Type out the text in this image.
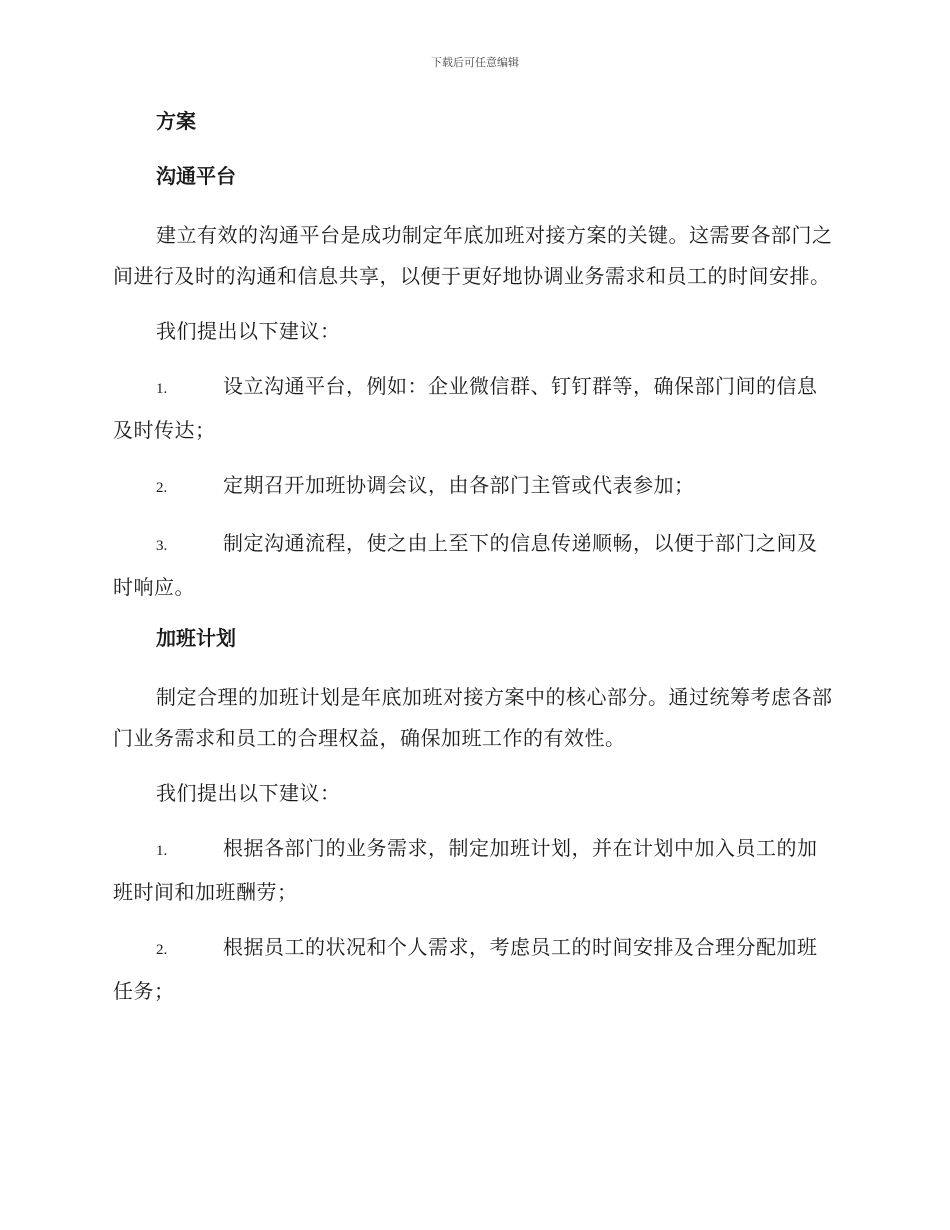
下载后可任意编辑
方案
沟通平台

建立有效的沟通平台是成功制定年底加班对接方案的关键。这需要各部门之间进行及时的沟通和信息共享，以便于更好地协调业务需求和员工的时间安排。

我们提出以下建议：

1.	设立沟通平台，例如：企业微信群、钉钉群等，确保部门间的信息及时传达；

2.	定期召开加班协调会议，由各部门主管或代表参加；

3.	制定沟通流程，使之由上至下的信息传递顺畅，以便于部门之间及时响应。

加班计划

制定合理的加班计划是年底加班对接方案中的核心部分。通过统筹考虑各部门业务需求和员工的合理权益，确保加班工作的有效性。

我们提出以下建议：

1.	根据各部门的业务需求，制定加班计划，并在计划中加入员工的加班时间和加班酬劳；

2.	根据员工的状况和个人需求，考虑员工的时间安排及合理分配加班任务；
